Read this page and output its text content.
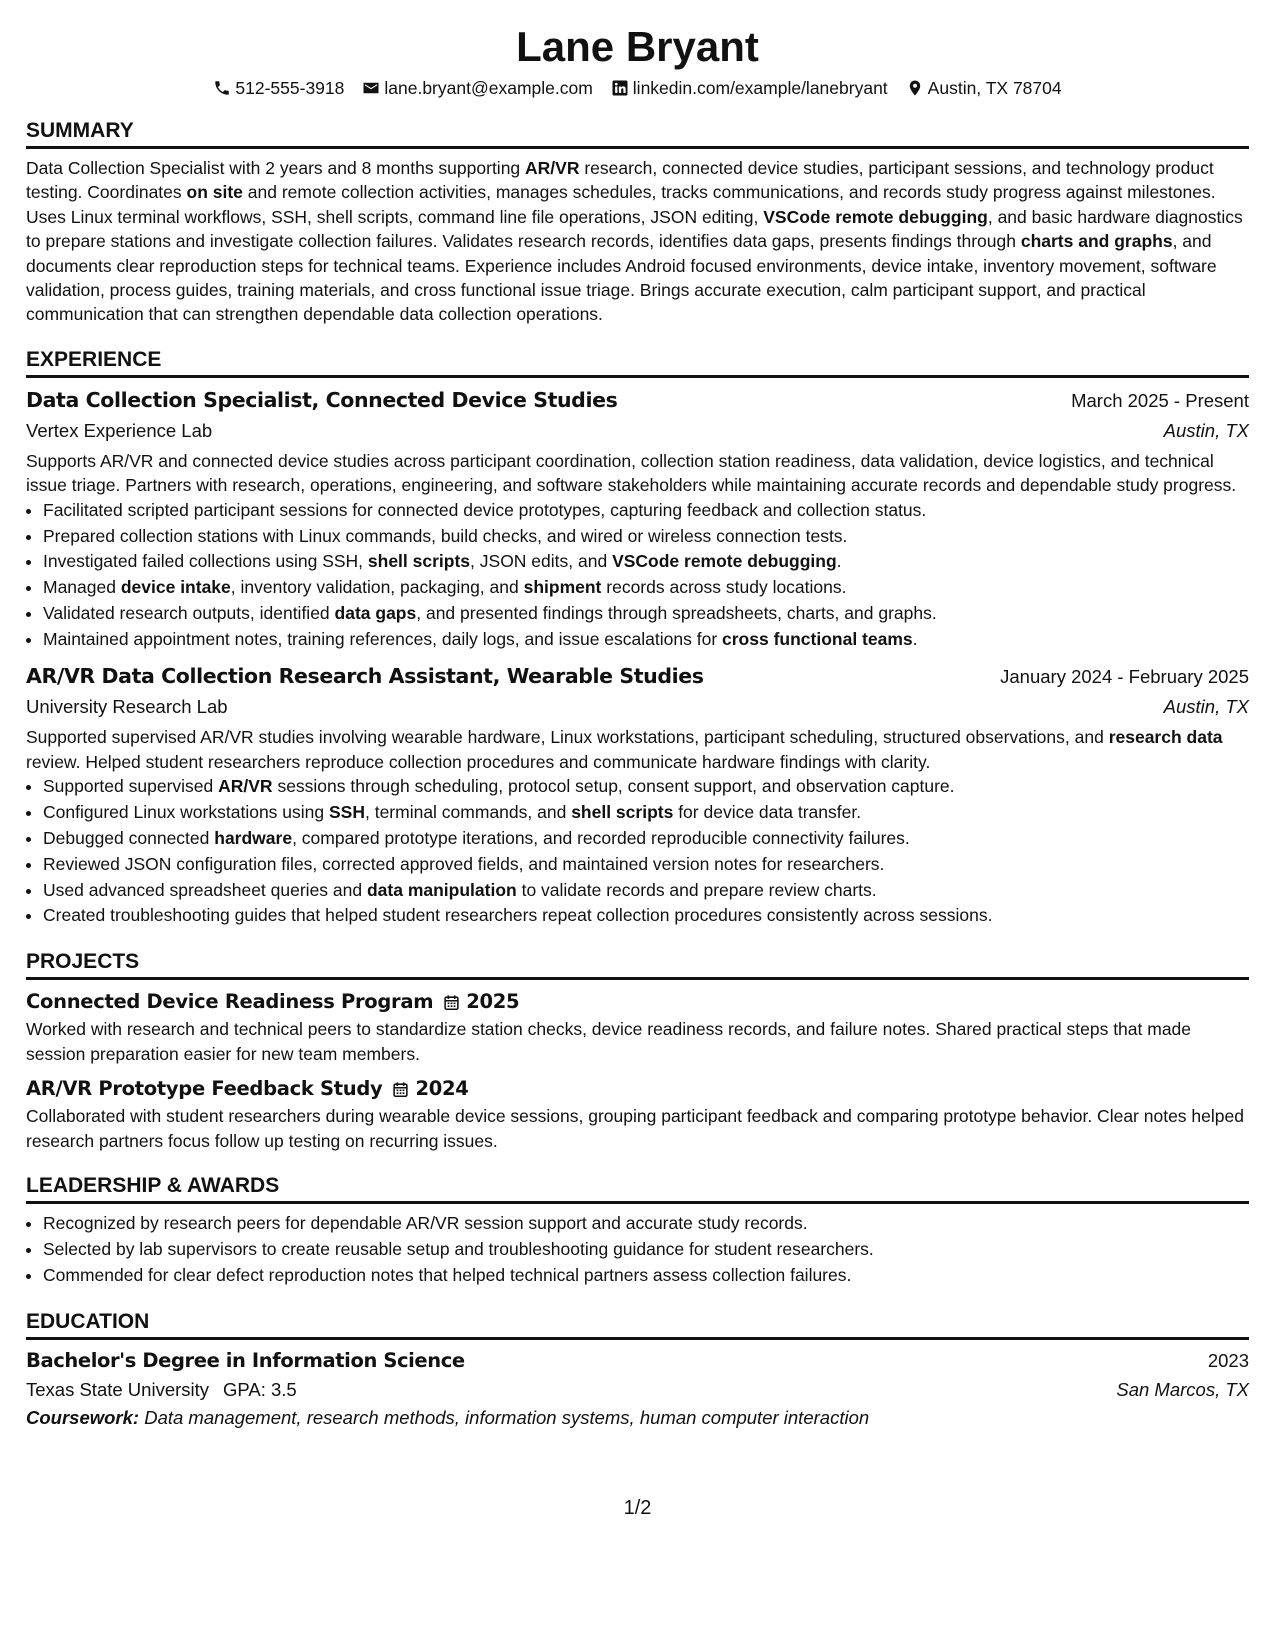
Lane Bryant
512-555-3918 lane.bryant@example.com linkedin.com/example/lanebryant Austin, TX 78704
SUMMARY

Data Collection Specialist with 2 years and 8 months supporting AR/VR research, connected device studies, participant sessions, and technology product testing. Coordinates on site and remote collection activities, manages schedules, tracks communications, and records study progress against milestones. Uses Linux terminal workflows, SSH, shell scripts, command line file operations, JSON editing, VSCode remote debugging, and basic hardware diagnostics to prepare stations and investigate collection failures. Validates research records, identifies data gaps, presents findings through charts and graphs, and documents clear reproduction steps for technical teams. Experience includes Android focused environments, device intake, inventory movement, software validation, process guides, training materials, and cross functional issue triage. Brings accurate execution, calm participant support, and practical communication that can strengthen dependable data collection operations.

EXPERIENCE
Data Collection Specialist, Connected Device Studies	March 2025 - Present
Vertex Experience Lab	Austin, TX

Supports AR/VR and connected device studies across participant coordination, collection station readiness, data validation, device logistics, and technical issue triage. Partners with research, operations, engineering, and software stakeholders while maintaining accurate records and dependable study progress.

• Facilitated scripted participant sessions for connected device prototypes, capturing feedback and collection status.
• Prepared collection stations with Linux commands, build checks, and wired or wireless connection tests.
• Investigated failed collections using SSH, shell scripts, JSON edits, and VSCode remote debugging.
• Managed device intake, inventory validation, packaging, and shipment records across study locations.
• Validated research outputs, identified data gaps, and presented findings through spreadsheets, charts, and graphs.
• Maintained appointment notes, training references, daily logs, and issue escalations for cross functional teams.
AR/VR Data Collection Research Assistant, Wearable Studies	January 2024 - February 2025
University Research Lab	Austin, TX

Supported supervised AR/VR studies involving wearable hardware, Linux workstations, participant scheduling, structured observations, and research data review. Helped student researchers reproduce collection procedures and communicate hardware findings with clarity.

• Supported supervised AR/VR sessions through scheduling, protocol setup, consent support, and observation capture.
• Configured Linux workstations using SSH, terminal commands, and shell scripts for device data transfer.
• Debugged connected hardware, compared prototype iterations, and recorded reproducible connectivity failures.
• Reviewed JSON configuration files, corrected approved fields, and maintained version notes for researchers.
• Used advanced spreadsheet queries and data manipulation to validate records and prepare review charts.
• Created troubleshooting guides that helped student researchers repeat collection procedures consistently across sessions.
PROJECTS
Connected Device Readiness Program 2025

Worked with research and technical peers to standardize station checks, device readiness records, and failure notes. Shared practical steps that made session preparation easier for new team members.

AR/VR Prototype Feedback Study 2024

Collaborated with student researchers during wearable device sessions, grouping participant feedback and comparing prototype behavior. Clear notes helped research partners focus follow up testing on recurring issues.

LEADERSHIP & AWARDS
• Recognized by research peers for dependable AR/VR session support and accurate study records.
• Selected by lab supervisors to create reusable setup and troubleshooting guidance for student researchers.
• Commended for clear defect reproduction notes that helped technical partners assess collection failures.
EDUCATION
Bachelor's Degree in Information Science	2023
Texas State University GPA: 3.5	San Marcos, TX
Coursework: Data management, research methods, information systems, human computer interaction
1/2
